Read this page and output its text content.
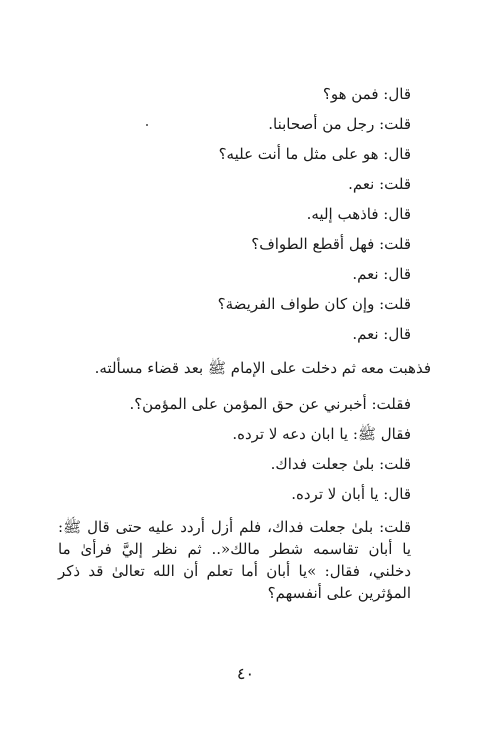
قال: فمن هو؟
قلت: رجل من أصحابنا.
قال: هو على مثل ما أنت عليه؟
قلت: نعم.
قال: فاذهب إليه.
قلت: فهل أقطع الطواف؟
قال: نعم.
قلت: وإن كان طواف الفريضة؟
قال: نعم.
فذهبت معه ثم دخلت على الإمام ﷺ بعد قضاء مسألته.
فقلت: أخبرني عن حق المؤمن على المؤمن؟.
فقال ﷺ: يا ابان دعه لا ترده.
قلت: بلىٰ جعلت فداك.
قال: يا أبان لا ترده.
قلت: بلىٰ جعلت فداك، فلم أزل أردد عليه حتى قال ﷺ: يا أبان تقاسمه شطر مالك«.. ثم نظر إليَّ فرأىٰ ما دخلني، فقال: »يا أبان أما تعلم أن الله تعالىٰ قد ذكر المؤثرين على أنفسهم؟
٤٠
